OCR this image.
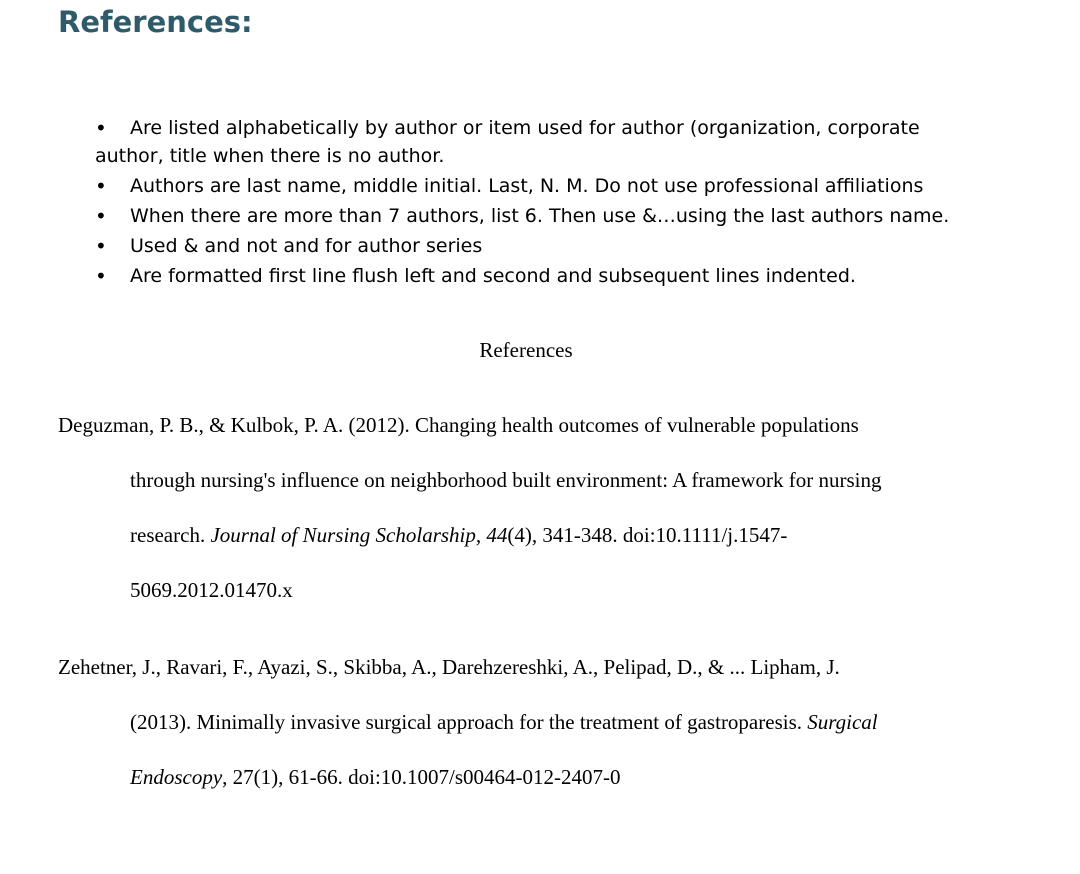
References:
•	Are listed alphabetically by author or item used for author (organization, corporate author, title when there is no author.
•	Authors are last name, middle initial. Last, N. M. Do not use professional affiliations
•	When there are more than 7 authors, list 6. Then use &…using the last authors name.
•	Used & and not and for author series
•	Are formatted first line flush left and second and subsequent lines indented.
References
Deguzman, P. B., & Kulbok, P. A. (2012). Changing health outcomes of vulnerable populations
through nursing's influence on neighborhood built environment: A framework for nursing
research. Journal of Nursing Scholarship, 44(4), 341-348. doi:10.1111/j.1547-
5069.2012.01470.x
Zehetner, J., Ravari, F., Ayazi, S., Skibba, A., Darehzereshki, A., Pelipad, D., & ... Lipham, J.
(2013). Minimally invasive surgical approach for the treatment of gastroparesis. Surgical
Endoscopy, 27(1), 61-66. doi:10.1007/s00464-012-2407-0
